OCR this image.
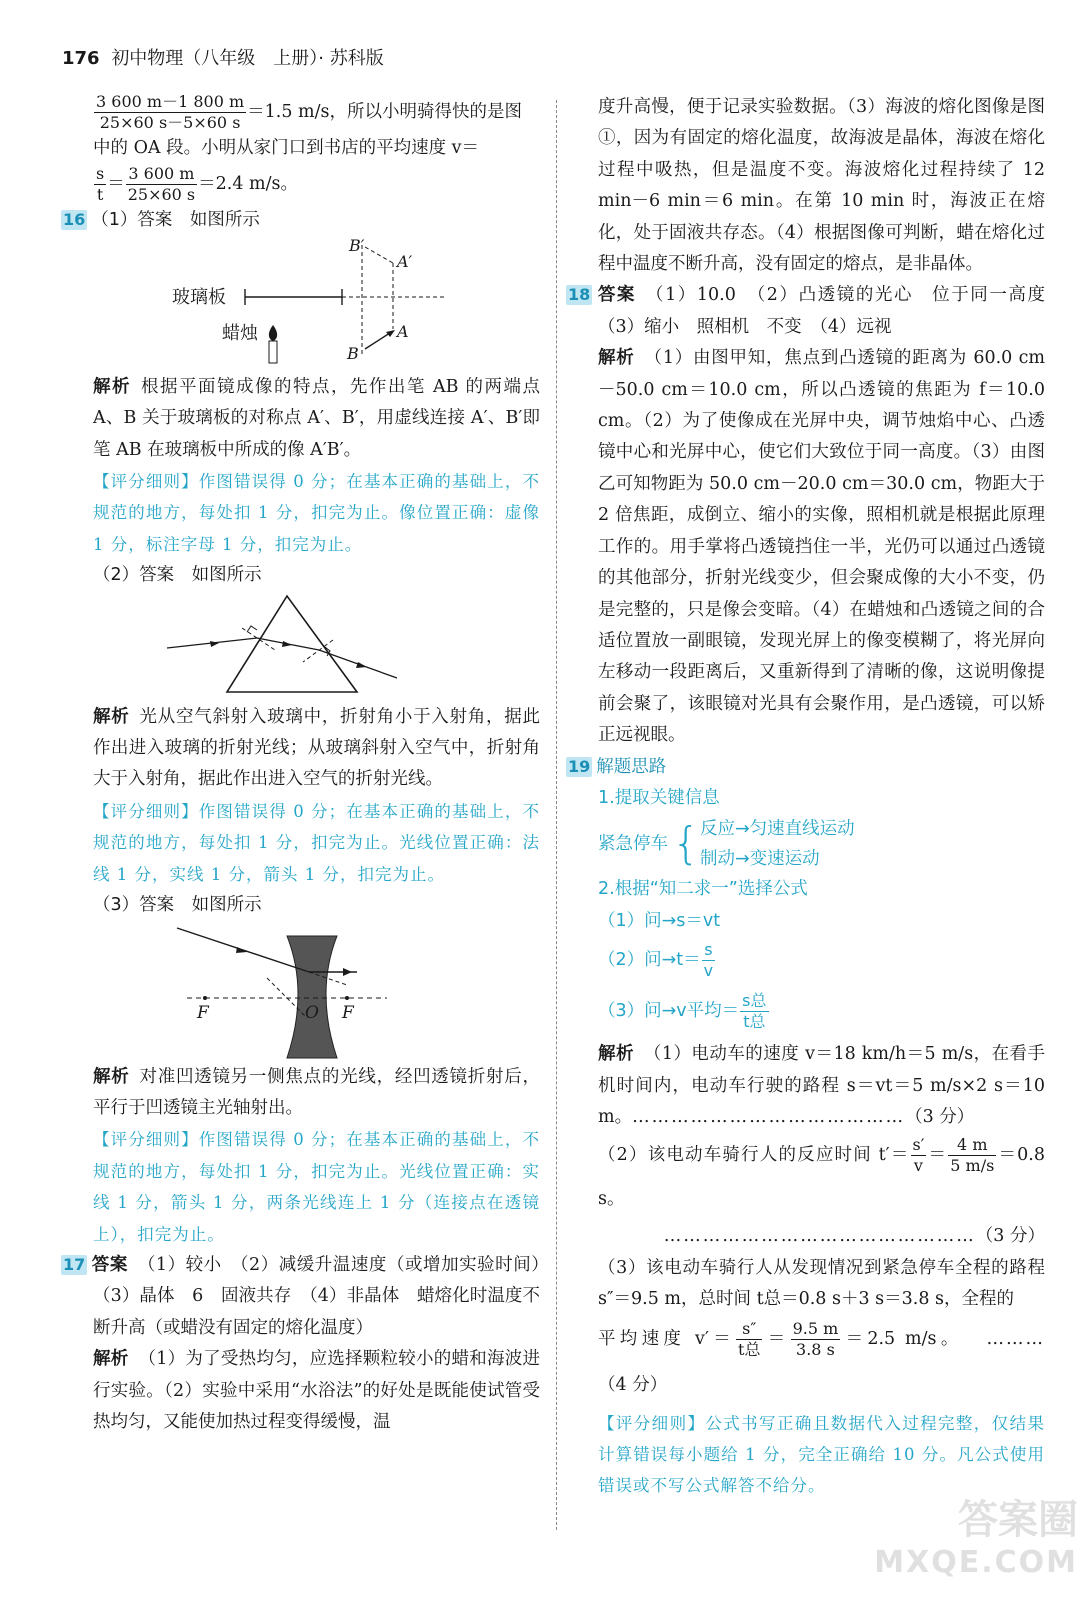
176 初中物理（八年级　上册）· 苏科版

$\frac{3 600 m-1 800 m}{25\times 60 s-5\times 60 s} =1.5$ m/s，所以小明骑得快的是图

中的 OA 段。小明从家门口到书店的平均速度 v＝

$\frac{s}{t} = \frac{3 600 m}{25\times 60 s} =2.4$ m/s。

16 （1）答案　如图所示

B′
A′
A
B
玻璃板
蜡烛

解析 根据平面镜成像的特点，先作出笔 AB 的两端点 A、B 关于玻璃板的对称点 A′、B′，用虚线连接 A′、B′即笔 AB 在玻璃板中所成的像 A′B′。

【评分细则】作图错误得 0 分；在基本正确的基础上，不规范的地方，每处扣 1 分，扣完为止。像位置正确：虚像 1 分，标注字母 1 分，扣完为止。

（2）答案　如图所示

解析 光从空气斜射入玻璃中，折射角小于入射角，据此作出进入玻璃的折射光线；从玻璃斜射入空气中，折射角大于入射角，据此作出进入空气的折射光线。

【评分细则】作图错误得 0 分；在基本正确的基础上，不规范的地方，每处扣 1 分，扣完为止。光线位置正确：法线 1 分，实线 1 分，箭头 1 分，扣完为止。

（3）答案　如图所示

F	O F

解析 对准凹透镜另一侧焦点的光线，经凹透镜折射后，平行于凹透镜主光轴射出。

【评分细则】作图错误得 0 分；在基本正确的基础上，不规范的地方，每处扣 1 分，扣完为止。光线位置正确：实线 1 分，箭头 1 分，两条光线连上 1 分（连接点在透镜上），扣完为止。

17 答案 （1）较小　（2）减缓升温速度（或增加实验时间）　（3）晶体　6　固液共存　（4）非晶体　蜡熔化时温度不断升高（或蜡没有固定的熔化温度）

解析 （1）为了受热均匀，应选择颗粒较小的蜡和海波进行实验。（2）实验中采用“水浴法”的好处是既能使试管受热均匀，又能使加热过程变得缓慢，温

度升高慢，便于记录实验数据。（3）海波的熔化图像是图①，因为有固定的熔化温度，故海波是晶体，海波在熔化过程中吸热，但是温度不变。海波熔化过程持续了 12 min－6 min＝6 min。在第 10 min 时，海波正在熔化，处于固液共存态。（4）根据图像可判断，蜡在熔化过程中温度不断升高，没有固定的熔点，是非晶体。

18 答案 （1）10.0　（2）凸透镜的光心　位于同一高度　（3）缩小　照相机　不变　（4）远视

解析 （1）由图甲知，焦点到凸透镜的距离为 60.0 cm－50.0 cm＝10.0 cm，所以凸透镜的焦距为 f＝10.0 cm。（2）为了使像成在光屏中央，调节烛焰中心、凸透镜中心和光屏中心，使它们大致位于同一高度。（3）由图乙可知物距为 50.0 cm－20.0 cm＝30.0 cm，物距大于 2 倍焦距，成倒立、缩小的实像，照相机就是根据此原理工作的。用手掌将凸透镜挡住一半，光仍可以通过凸透镜的其他部分，折射光线变少，但会聚成像的大小不变，仍是完整的，只是像会变暗。（4）在蜡烛和凸透镜之间的合适位置放一副眼镜，发现光屏上的像变模糊了，将光屏向左移动一段距离后，又重新得到了清晰的像，这说明像提前会聚了，该眼镜对光具有会聚作用，是凸透镜，可以矫正远视眼。

19 解题思路

1.提取关键信息

紧急停车 { 反应→匀速直线运动
制动→变速运动

2.根据“知二求一”选择公式

（1）问→s＝vt

（2）问$\to t= \frac{s}{v}$

（3）问→v平均＝ $\frac{\text{s总}}{\text{t总}}$

解析 （1）电动车的速度 v＝18 km/h＝5 m/s，在看手机时间内，电动车行驶的路程 s＝vt＝5 m/s×2 s＝10 m。……………………………………（3 分）

（2）该电动车骑行人的反应时间 $t'= \frac{s'}{v} = \frac{4 m}{5 m/s} =0.8$ s。

…………………………………………（3 分）

（3）该电动车骑行人从发现情况到紧急停车全程的路程 s″＝9.5 m，总时间 t总＝0.8 s＋3 s＝3.8 s，全程的

平均速度 $v'= \frac{s''}{\text{t总}} = \frac{9.5 m}{3.8 s} =2.5$ m/s。 ………（4 分）

【评分细则】公式书写正确且数据代入过程完整，仅结果计算错误每小题给 1 分，完全正确给 10 分。凡公式使用错误或不写公式解答不给分。

答案圈
MXQE.COM
